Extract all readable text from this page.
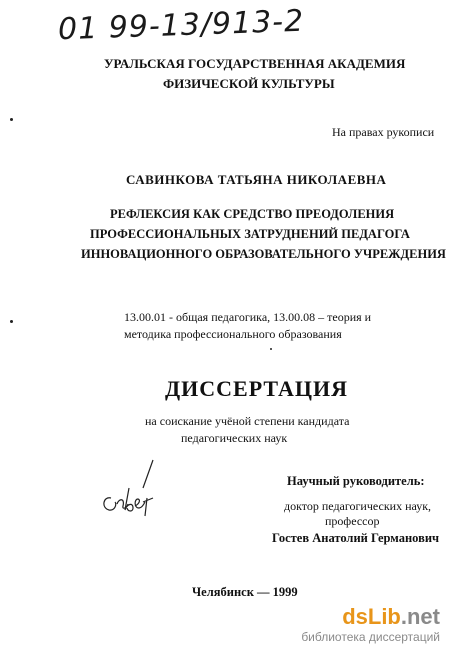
01 99-13/913-2
УРАЛЬСКАЯ ГОСУДАРСТВЕННАЯ АКАДЕМИЯ
ФИЗИЧЕСКОЙ КУЛЬТУРЫ
На правах рукописи
САВИНКОВА ТАТЬЯНА НИКОЛАЕВНА
РЕФЛЕКСИЯ КАК СРЕДСТВО ПРЕОДОЛЕНИЯ
ПРОФЕССИОНАЛЬНЫХ ЗАТРУДНЕНИЙ ПЕДАГОГА
ИННОВАЦИОННОГО ОБРАЗОВАТЕЛЬНОГО УЧРЕЖДЕНИЯ
13.00.01 - общая педагогика, 13.00.08 – теория и
методика профессионального образования
ДИССЕРТАЦИЯ
на соискание учёной степени кандидата
педагогических наук
Научный руководитель:
доктор педагогических наук,
профессор
Гостев Анатолий Германович
Челябинск — 1999
dsLib.net
библиотека диссертаций
